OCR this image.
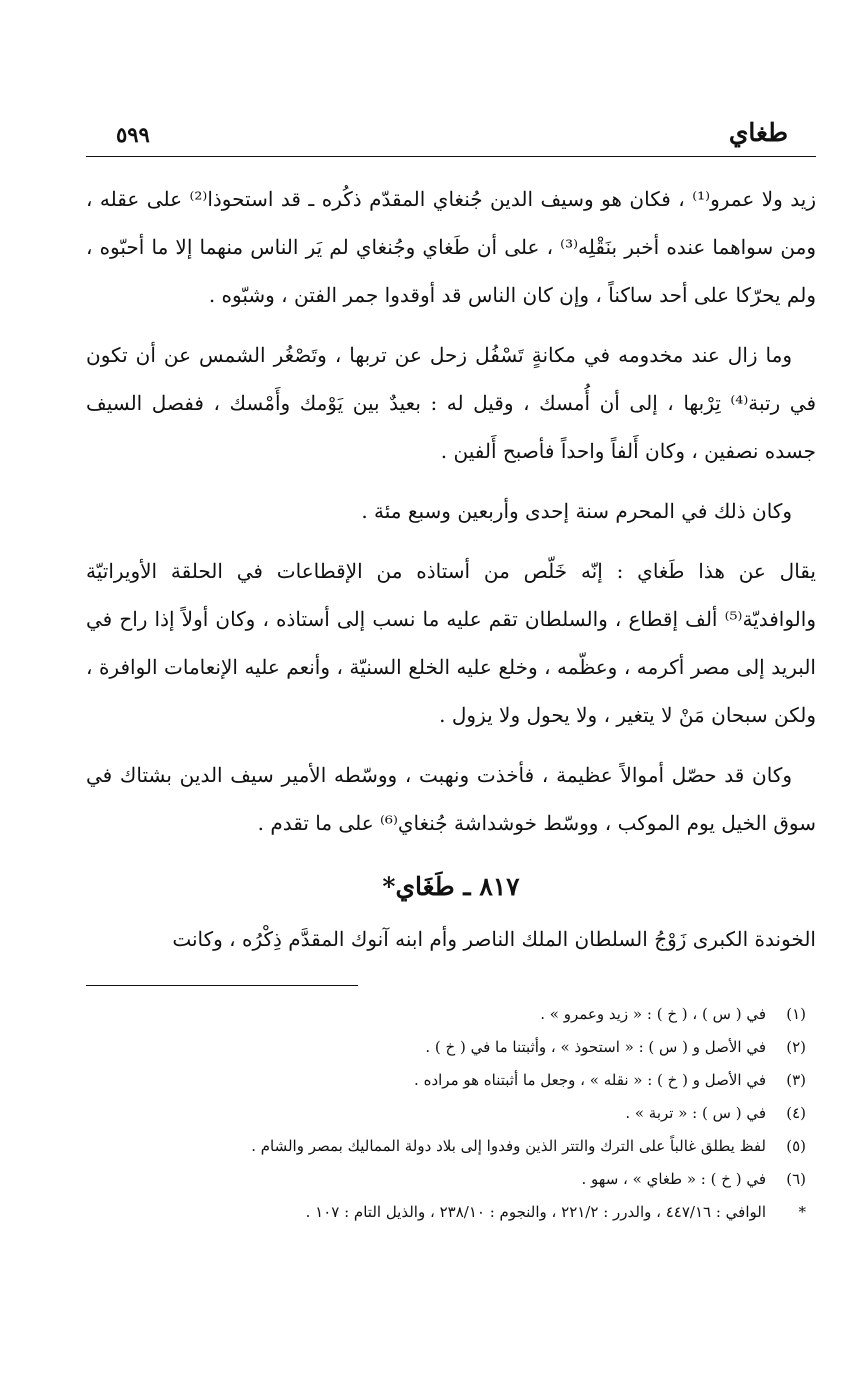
طغاي
٥٩٩

زيد ولا عمرو⁽¹⁾ ، فكان هو وسيف الدين جُنغاي المقدّم ذكُره ـ قد استحوذا⁽²⁾ على عقله ، ومن سواهما عنده أخبر بنَقْلِه⁽³⁾ ، على أن طَغاي وجُنغاي لم يَر الناس منهما إلا ما أحبّوه ، ولم يحرّكا على أحد ساكناً ، وإن كان الناس قد أوقدوا جمر الفتن ، وشبّوه .

وما زال عند مخدومه في مكانةٍ تَسْفُل زحل عن تربها ، وتَصْغُر الشمس عن أن تكون في رتبة⁽⁴⁾ تِرْبها ، إلى أن أُمسك ، وقيل له : بعيدٌ بين يَوْمك وأَمْسك ، ففصل السيف جسده نصفين ، وكان أَلفاً واحداً فأصبح أَلفين .

وكان ذلك في المحرم سنة إحدى وأربعين وسبع مئة .

يقال عن هذا طَغاي : إنّه خَلّص من أستاذه من الإقطاعات في الحلقة الأويراتيّة والوافديّة⁽⁵⁾ ألف إقطاع ، والسلطان تقم عليه ما نسب إلى أستاذه ، وكان أولاً إذا راح في البريد إلى مصر أكرمه ، وعظّمه ، وخلع عليه الخلع السنيّة ، وأنعم عليه الإنعامات الوافرة ، ولكن سبحان مَنْ لا يتغير ، ولا يحول ولا يزول .

وكان قد حصّل أموالاً عظيمة ، فأخذت ونهبت ، ووسّطه الأمير سيف الدين بشتاك في سوق الخيل يوم الموكب ، ووسّط خوشداشة جُنغاي⁽⁶⁾ على ما تقدم .

٨١٧ ـ طَغَاي*

الخوندة الكبرى زَوْجُ السلطان الملك الناصر وأم ابنه آنوك المقدَّم ذِكْرُه ، وكانت

(١)
في ( س ) ، ( خ ) : « زيد وعمرو » .
(٢)
في الأصل و ( س ) : « استحوذ » ، وأثبتنا ما في ( خ ) .
(٣)
في الأصل و ( خ ) : « نقله » ، وجعل ما أثبتناه هو مراده .
(٤)
في ( س ) : « تربة » .
(٥)
لفظ يطلق غالباً على الترك والتتر الذين وفدوا إلى بلاد دولة المماليك بمصر والشام .
(٦)
في ( خ ) : « طغاي » ، سهو .
*
الوافي : ٤٤٧/١٦ ، والدرر : ٢٢١/٢ ، والنجوم : ٢٣٨/١٠ ، والذيل التام : ١٠٧ .
